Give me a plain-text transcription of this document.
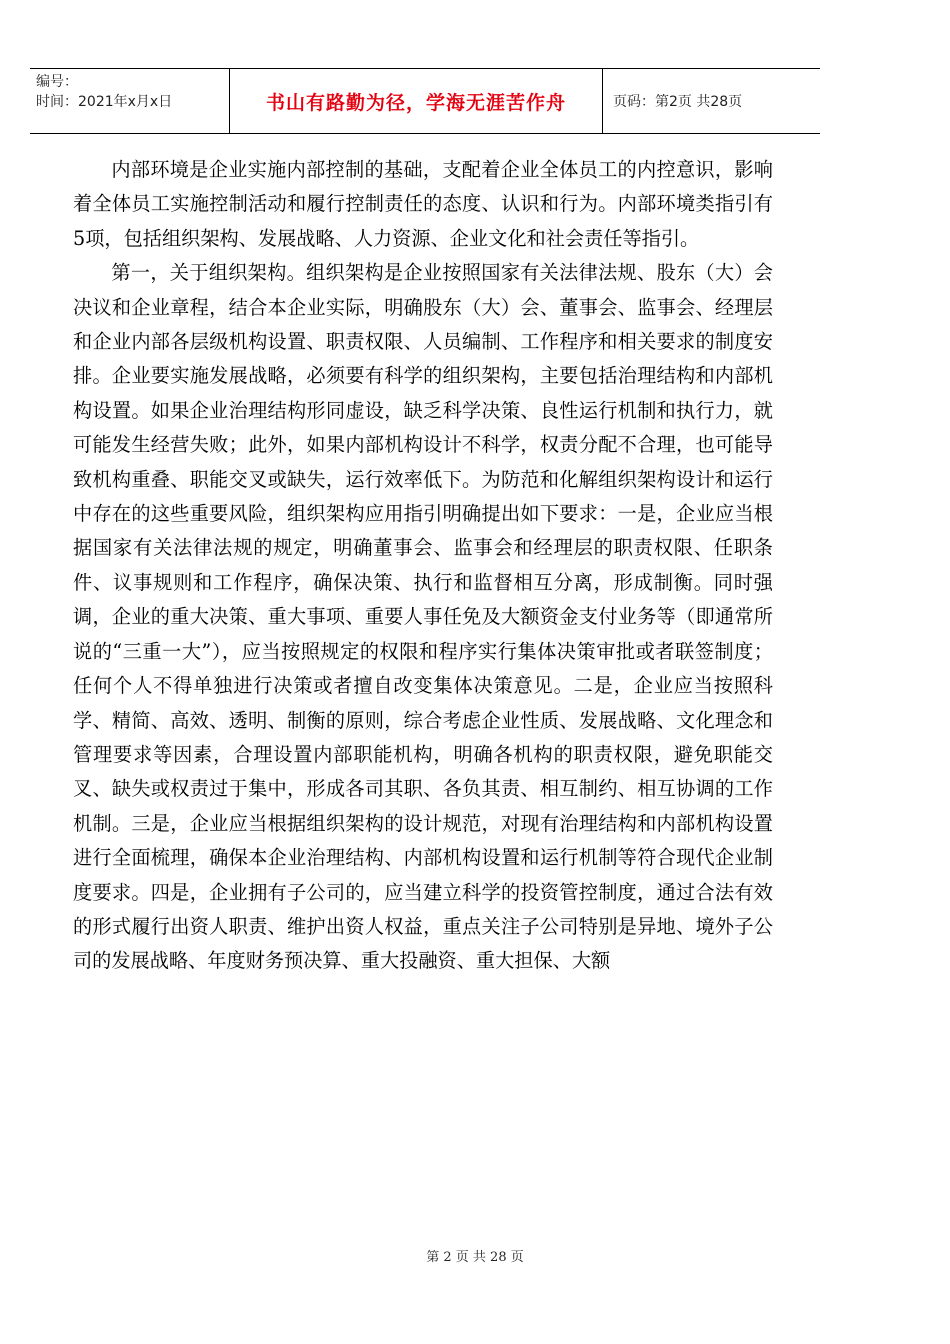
编号：
时间：2021年x月x日	书山有路勤为径，学海无涯苦作舟	页码：第2页 共28页

内部环境是企业实施内部控制的基础，支配着企业全体员工的内控意识，影响着全体员工实施控制活动和履行控制责任的态度、认识和行为。内部环境类指引有5项，包括组织架构、发展战略、人力资源、企业文化和社会责任等指引。

第一，关于组织架构。组织架构是企业按照国家有关法律法规、股东（大）会决议和企业章程，结合本企业实际，明确股东（大）会、董事会、监事会、经理层和企业内部各层级机构设置、职责权限、人员编制、工作程序和相关要求的制度安排。企业要实施发展战略，必须要有科学的组织架构，主要包括治理结构和内部机构设置。如果企业治理结构形同虚设，缺乏科学决策、良性运行机制和执行力，就可能发生经营失败；此外，如果内部机构设计不科学，权责分配不合理，也可能导致机构重叠、职能交叉或缺失，运行效率低下。为防范和化解组织架构设计和运行中存在的这些重要风险，组织架构应用指引明确提出如下要求：一是，企业应当根据国家有关法律法规的规定，明确董事会、监事会和经理层的职责权限、任职条件、议事规则和工作程序，确保决策、执行和监督相互分离，形成制衡。同时强调，企业的重大决策、重大事项、重要人事任免及大额资金支付业务等（即通常所说的“三重一大”），应当按照规定的权限和程序实行集体决策审批或者联签制度；任何个人不得单独进行决策或者擅自改变集体决策意见。二是，企业应当按照科学、精简、高效、透明、制衡的原则，综合考虑企业性质、发展战略、文化理念和管理要求等因素，合理设置内部职能机构，明确各机构的职责权限，避免职能交叉、缺失或权责过于集中，形成各司其职、各负其责、相互制约、相互协调的工作机制。三是，企业应当根据组织架构的设计规范，对现有治理结构和内部机构设置进行全面梳理，确保本企业治理结构、内部机构设置和运行机制等符合现代企业制度要求。四是，企业拥有子公司的，应当建立科学的投资管控制度，通过合法有效的形式履行出资人职责、维护出资人权益，重点关注子公司特别是异地、境外子公司的发展战略、年度财务预决算、重大投融资、重大担保、大额

第 2 页 共 28 页
